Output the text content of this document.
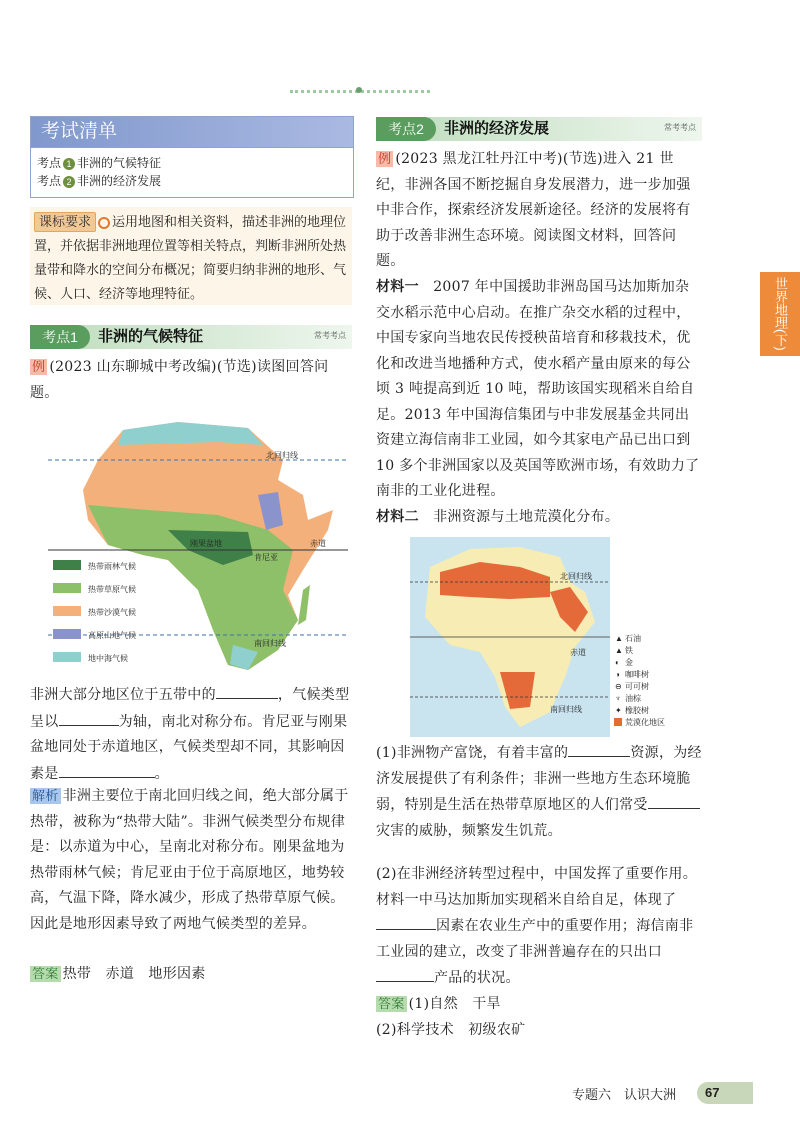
考试清单
考点 1 非洲的气候特征
考点 2 非洲的经济发展
课标要求 运用地图和相关资料，描述非洲的地理位置，并依据非洲地理位置等相关特点，判断非洲所处热量带和降水的空间分布概况；简要归纳非洲的地形、气候、人口、经济等地理特征。
考点1	非洲的气候特征	常考考点
例 (2023 山东聊城中考改编)(节选)读图回答问题。
北回归线
赤道
南回归线
刚果盆地
肯尼亚
热带雨林气候
热带草原气候
热带沙漠气候
高原山地气候
地中海气候
非洲大部分地区位于五带中的	，气候类型呈以	为轴，南北对称分布。肯尼亚与刚果盆地同处于赤道地区，气候类型却不同，其影响因素是	。
解析 非洲主要位于南北回归线之间，绝大部分属于热带，被称为“热带大陆”。非洲气候类型分布规律是：以赤道为中心，呈南北对称分布。刚果盆地为热带雨林气候；肯尼亚由于位于高原地区，地势较高，气温下降，降水减少，形成了热带草原气候。因此是地形因素导致了两地气候类型的差异。
答案 热带　赤道　地形因素
考点2	非洲的经济发展	常考考点
例 (2023 黑龙江牡丹江中考)(节选)进入 21 世纪，非洲各国不断挖掘自身发展潜力，进一步加强中非合作，探索经济发展新途径。经济的发展将有助于改善非洲生态环境。阅读图文材料，回答问题。
材料一　 2007 年中国援助非洲岛国马达加斯加杂交水稻示范中心启动。在推广杂交水稻的过程中，中国专家向当地农民传授秧苗培育和移栽技术，优化和改进当地播种方式，使水稻产量由原来的每公顷 3 吨提高到近 10 吨，帮助该国实现稻米自给自足。2013 年中国海信集团与中非发展基金共同出资建立海信南非工业园，如今其家电产品已出口到 10 多个非洲国家以及英国等欧洲市场，有效助力了南非的工业化进程。
材料二　 非洲资源与土地荒漠化分布。
北回归线
赤道
南回归线
▲ 石油
▲ 铁
◐ 金
◑ 咖啡树
⊖ 可可树
♆ 油棕
✦ 橡胶树
荒漠化地区
(1)非洲物产富饶，有着丰富的	资源，为经济发展提供了有利条件；非洲一些地方生态环境脆弱，特别是生活在热带草原地区的人们常受灾害的威胁，频繁发生饥荒。
(2)在非洲经济转型过程中，中国发挥了重要作用。材料一中马达加斯加实现稻米自给自足，体现了因素在农业生产中的重要作用；海信南非工业园的建立，改变了非洲普遍存在的只出口产品的状况。
答案 (1)自然　干旱
(2)科学技术　初级农矿
世界地理(下)
专题六　认识大洲	67
